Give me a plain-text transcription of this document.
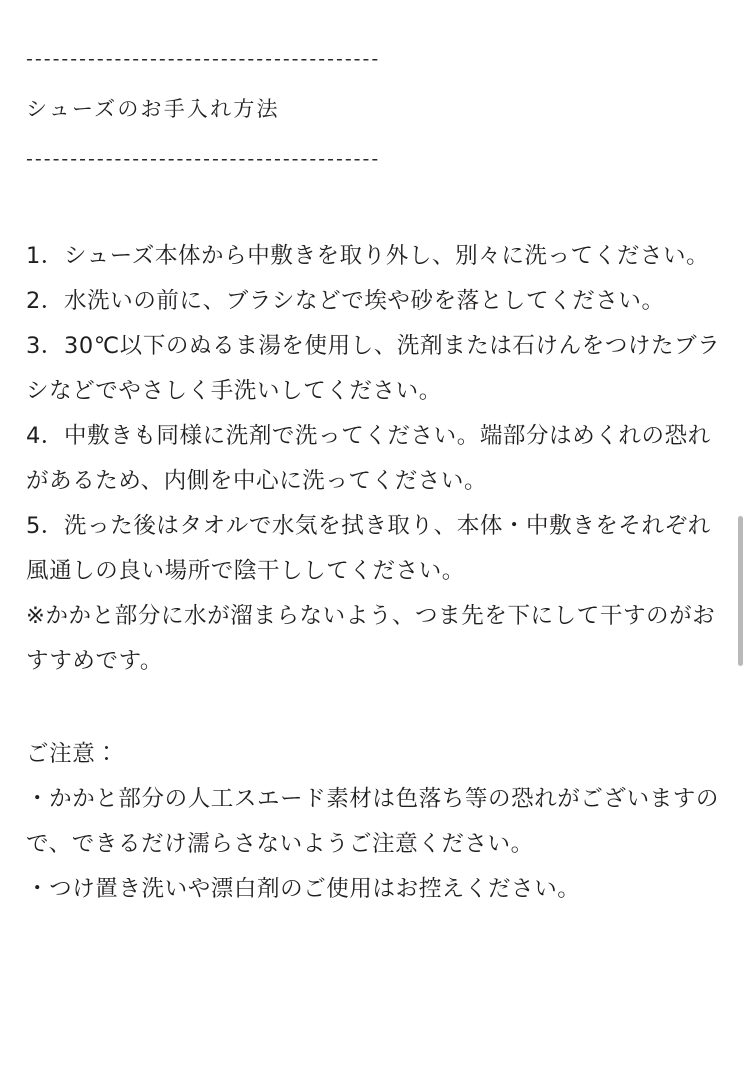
----------------------------------------
シューズのお手入れ方法
----------------------------------------
1．シューズ本体から中敷きを取り外し、別々に洗ってください。
2．水洗いの前に、ブラシなどで埃や砂を落としてください。
3．30℃以下のぬるま湯を使用し、洗剤または石けんをつけたブラシなどでやさしく手洗いしてください。
4．中敷きも同様に洗剤で洗ってください。端部分はめくれの恐れがあるため、内側を中心に洗ってください。
5．洗った後はタオルで水気を拭き取り、本体・中敷きをそれぞれ風通しの良い場所で陰干ししてください。
※かかと部分に水が溜まらないよう、つま先を下にして干すのがおすすめです。
ご注意：
・かかと部分の人工スエード素材は色落ち等の恐れがございますので、できるだけ濡らさないようご注意ください。
・つけ置き洗いや漂白剤のご使用はお控えください。
